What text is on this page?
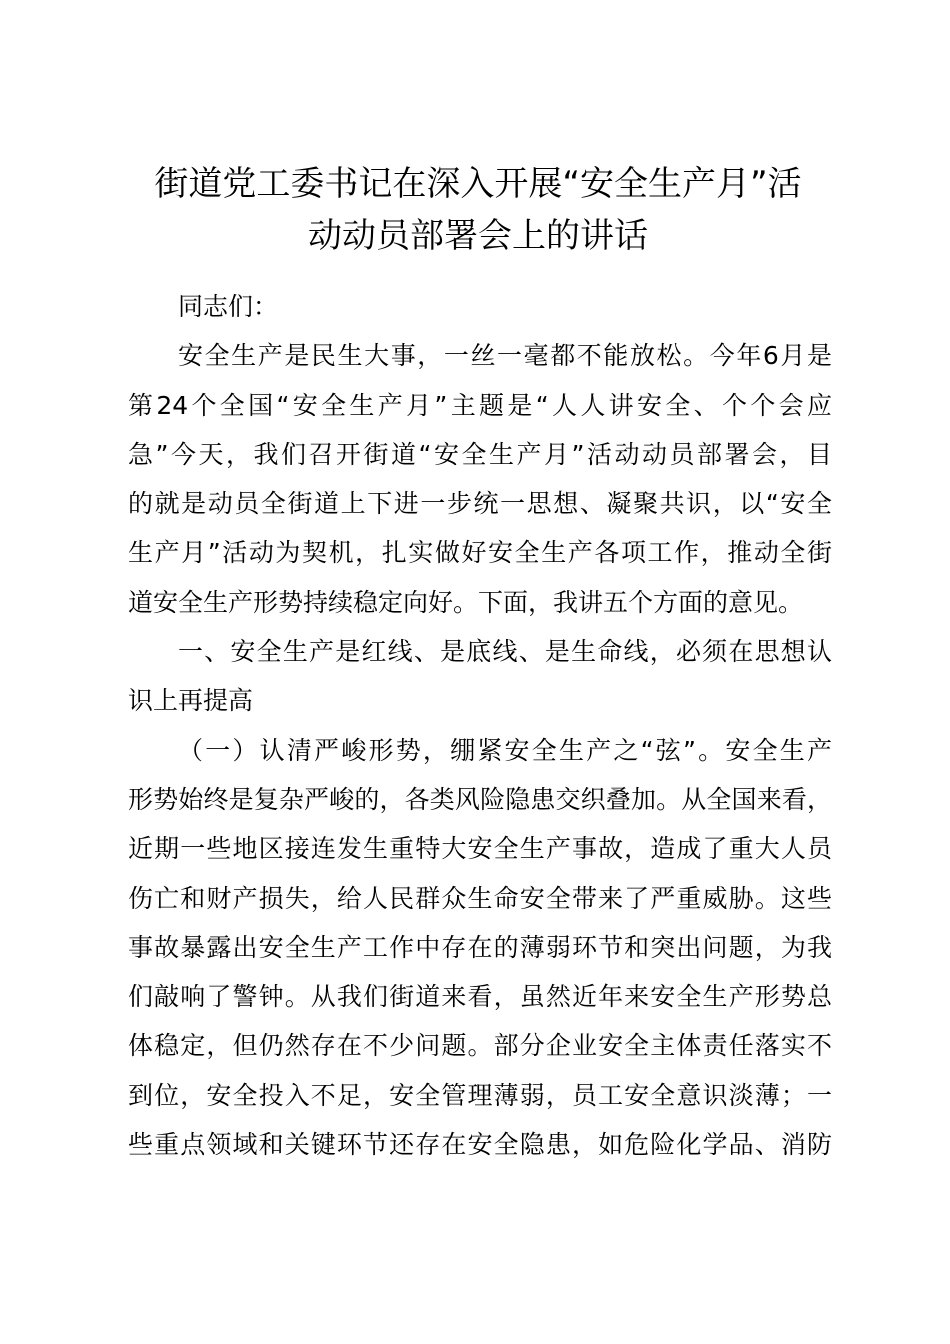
街道党工委书记在深入开展“安全生产月”活
动动员部署会上的讲话
同志们：
安全生产是民生大事，一丝一毫都不能放松。今年6月是
第24个全国“安全生产月”主题是“人人讲安全、个个会应
急”今天，我们召开街道“安全生产月”活动动员部署会，目
的就是动员全街道上下进一步统一思想、凝聚共识，以“安全
生产月”活动为契机，扎实做好安全生产各项工作，推动全街
道安全生产形势持续稳定向好。下面，我讲五个方面的意见。
一、安全生产是红线、是底线、是生命线，必须在思想认
识上再提高
（一）认清严峻形势，绷紧安全生产之“弦”。安全生产
形势始终是复杂严峻的，各类风险隐患交织叠加。从全国来看，
近期一些地区接连发生重特大安全生产事故，造成了重大人员
伤亡和财产损失，给人民群众生命安全带来了严重威胁。这些
事故暴露出安全生产工作中存在的薄弱环节和突出问题，为我
们敲响了警钟。从我们街道来看，虽然近年来安全生产形势总
体稳定，但仍然存在不少问题。部分企业安全主体责任落实不
到位，安全投入不足，安全管理薄弱，员工安全意识淡薄；一
些重点领域和关键环节还存在安全隐患，如危险化学品、消防
